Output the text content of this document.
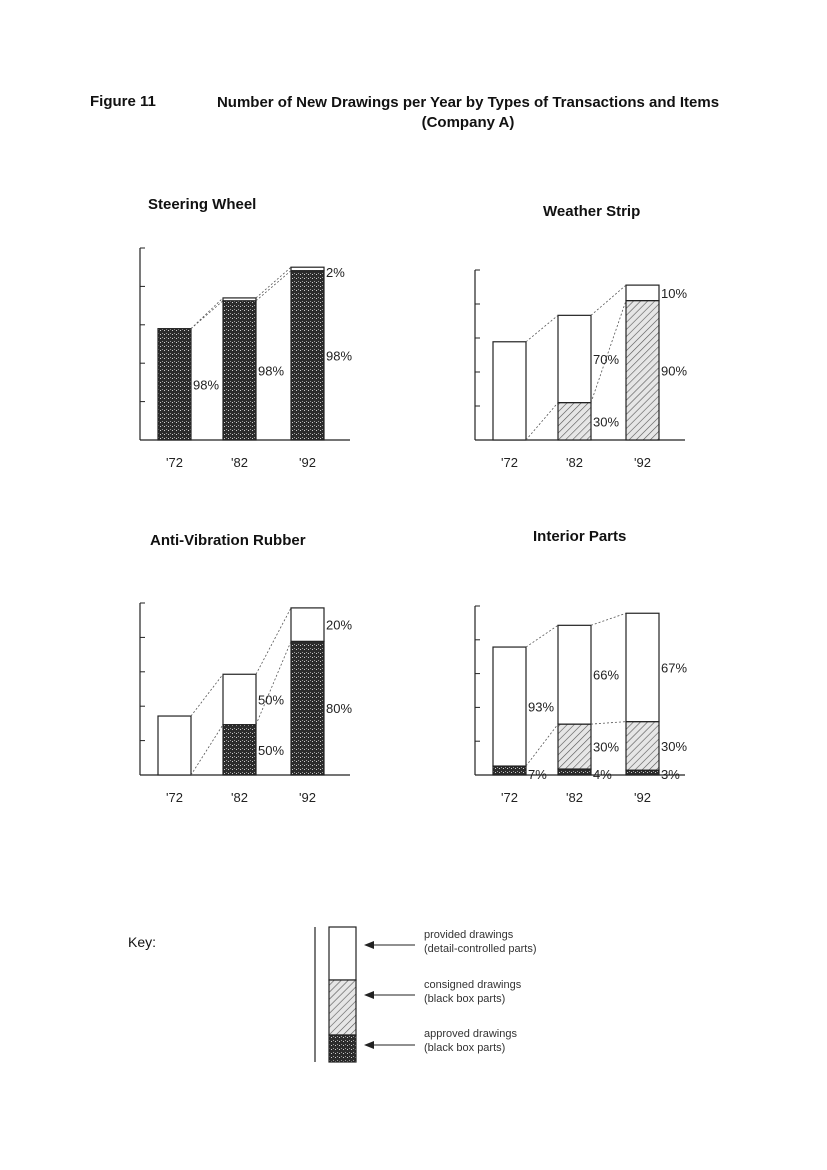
Figure 11	Number of New Drawings per Year by Types of Transactions and Items
(Company A)
Steering Wheel	Weather Strip
Anti-Vibration Rubber	Interior Parts
'72	'82	'92
98%
98%
98%
2%
'72	'82	'92
70%
30%
10%
90%
'72	'82	'92
50%
50%
20%
80%
'72	'82	'92
93%
7%
66%
30%
4%
67%
30%
3%
Key:	provided drawings
(detail-controlled parts)
consigned drawings
(black box parts)
approved drawings
(black box parts)
